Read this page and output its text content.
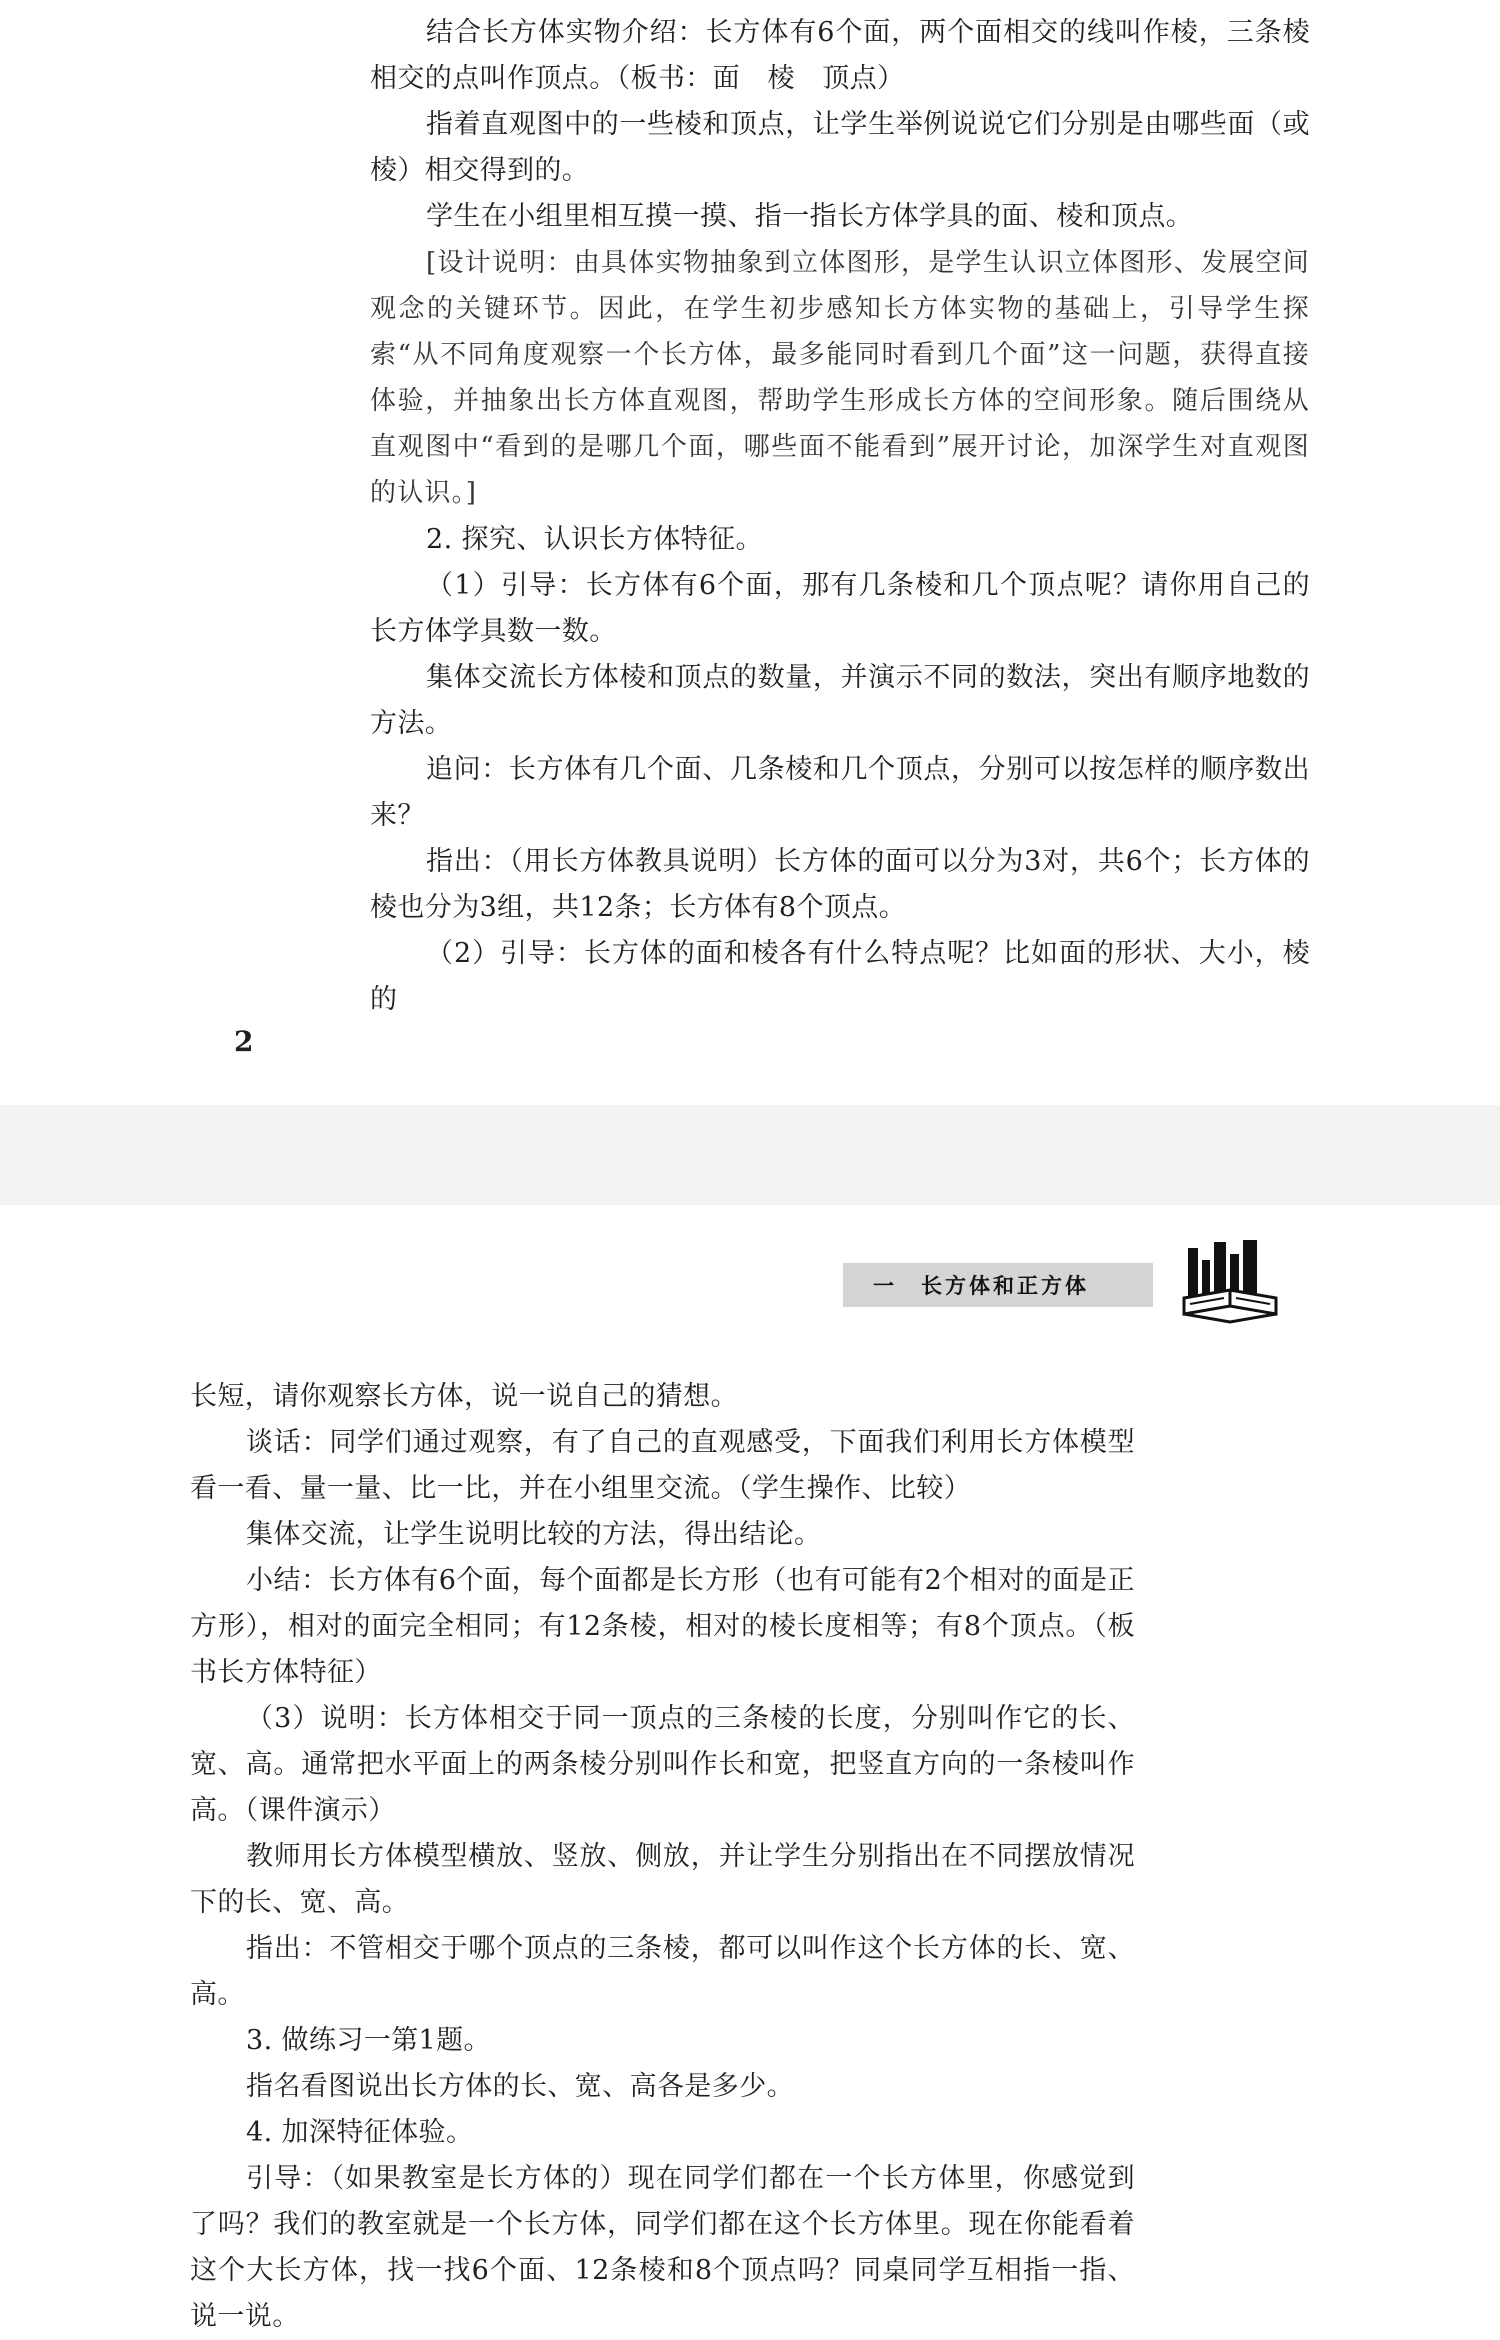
结合长方体实物介绍：长方体有6个面，两个面相交的线叫作棱，三条棱相交的点叫作顶点。（板书：面　棱　顶点）

指着直观图中的一些棱和顶点，让学生举例说说它们分别是由哪些面（或棱）相交得到的。

学生在小组里相互摸一摸、指一指长方体学具的面、棱和顶点。

[设计说明：由具体实物抽象到立体图形，是学生认识立体图形、发展空间观念的关键环节。因此，在学生初步感知长方体实物的基础上，引导学生探索“从不同角度观察一个长方体，最多能同时看到几个面”这一问题，获得直接体验，并抽象出长方体直观图，帮助学生形成长方体的空间形象。随后围绕从直观图中“看到的是哪几个面，哪些面不能看到”展开讨论，加深学生对直观图的认识。]

2. 探究、认识长方体特征。

（1）引导：长方体有6个面，那有几条棱和几个顶点呢？请你用自己的长方体学具数一数。

集体交流长方体棱和顶点的数量，并演示不同的数法，突出有顺序地数的方法。

追问：长方体有几个面、几条棱和几个顶点，分别可以按怎样的顺序数出来？

指出：（用长方体教具说明）长方体的面可以分为3对，共6个；长方体的棱也分为3组，共12条；长方体有8个顶点。

（2）引导：长方体的面和棱各有什么特点呢？比如面的形状、大小，棱的

2
一　长方体和正方体

长短，请你观察长方体，说一说自己的猜想。

谈话：同学们通过观察，有了自己的直观感受，下面我们利用长方体模型看一看、量一量、比一比，并在小组里交流。（学生操作、比较）

集体交流，让学生说明比较的方法，得出结论。

小结：长方体有6个面，每个面都是长方形（也有可能有2个相对的面是正方形），相对的面完全相同；有12条棱，相对的棱长度相等；有8个顶点。（板书长方体特征）

（3）说明：长方体相交于同一顶点的三条棱的长度，分别叫作它的长、宽、高。通常把水平面上的两条棱分别叫作长和宽，把竖直方向的一条棱叫作高。（课件演示）

教师用长方体模型横放、竖放、侧放，并让学生分别指出在不同摆放情况下的长、宽、高。

指出：不管相交于哪个顶点的三条棱，都可以叫作这个长方体的长、宽、高。

3. 做练习一第1题。

指名看图说出长方体的长、宽、高各是多少。

4. 加深特征体验。

引导：（如果教室是长方体的）现在同学们都在一个长方体里，你感觉到了吗？我们的教室就是一个长方体，同学们都在这个长方体里。现在你能看着这个大长方体，找一找6个面、12条棱和8个顶点吗？同桌同学互相指一指、说一说。
